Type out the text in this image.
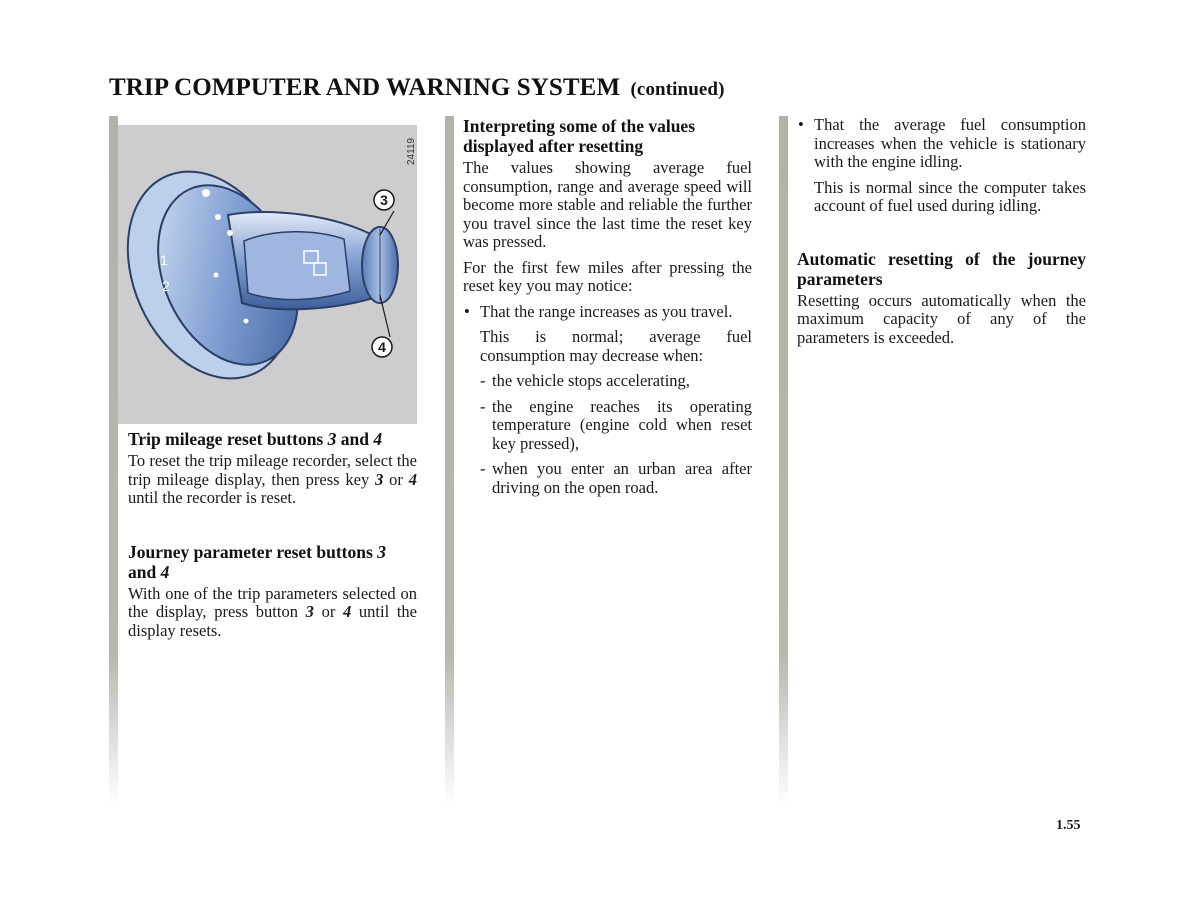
TRIP COMPUTER AND WARNING SYSTEM (continued)
1
2
3
4
24119
Trip mileage reset buttons 3 and 4

To reset the trip mileage recorder, select the trip mileage display, then press key 3 or 4 until the recorder is reset.

Journey parameter reset buttons 3 and 4

With one of the trip parameters selected on the display, press button 3 or 4 until the display resets.

Interpreting some of the values displayed after resetting

The values showing average fuel consumption, range and average speed will become more stable and reliable the further you travel since the last time the reset key was pressed.

For the first few miles after pressing the reset key you may notice:

• That the range increases as you travel.

This is normal; average fuel consumption may decrease when:

- the vehicle stops accelerating,

- the engine reaches its operating temperature (engine cold when reset key pressed),

- when you enter an urban area after driving on the open road.

• That the average fuel consumption increases when the vehicle is stationary with the engine idling.

This is normal since the computer takes account of fuel used during idling.

Automatic resetting of the journey parameters

Resetting occurs automatically when the maximum capacity of any of the parameters is exceeded.

1.55
